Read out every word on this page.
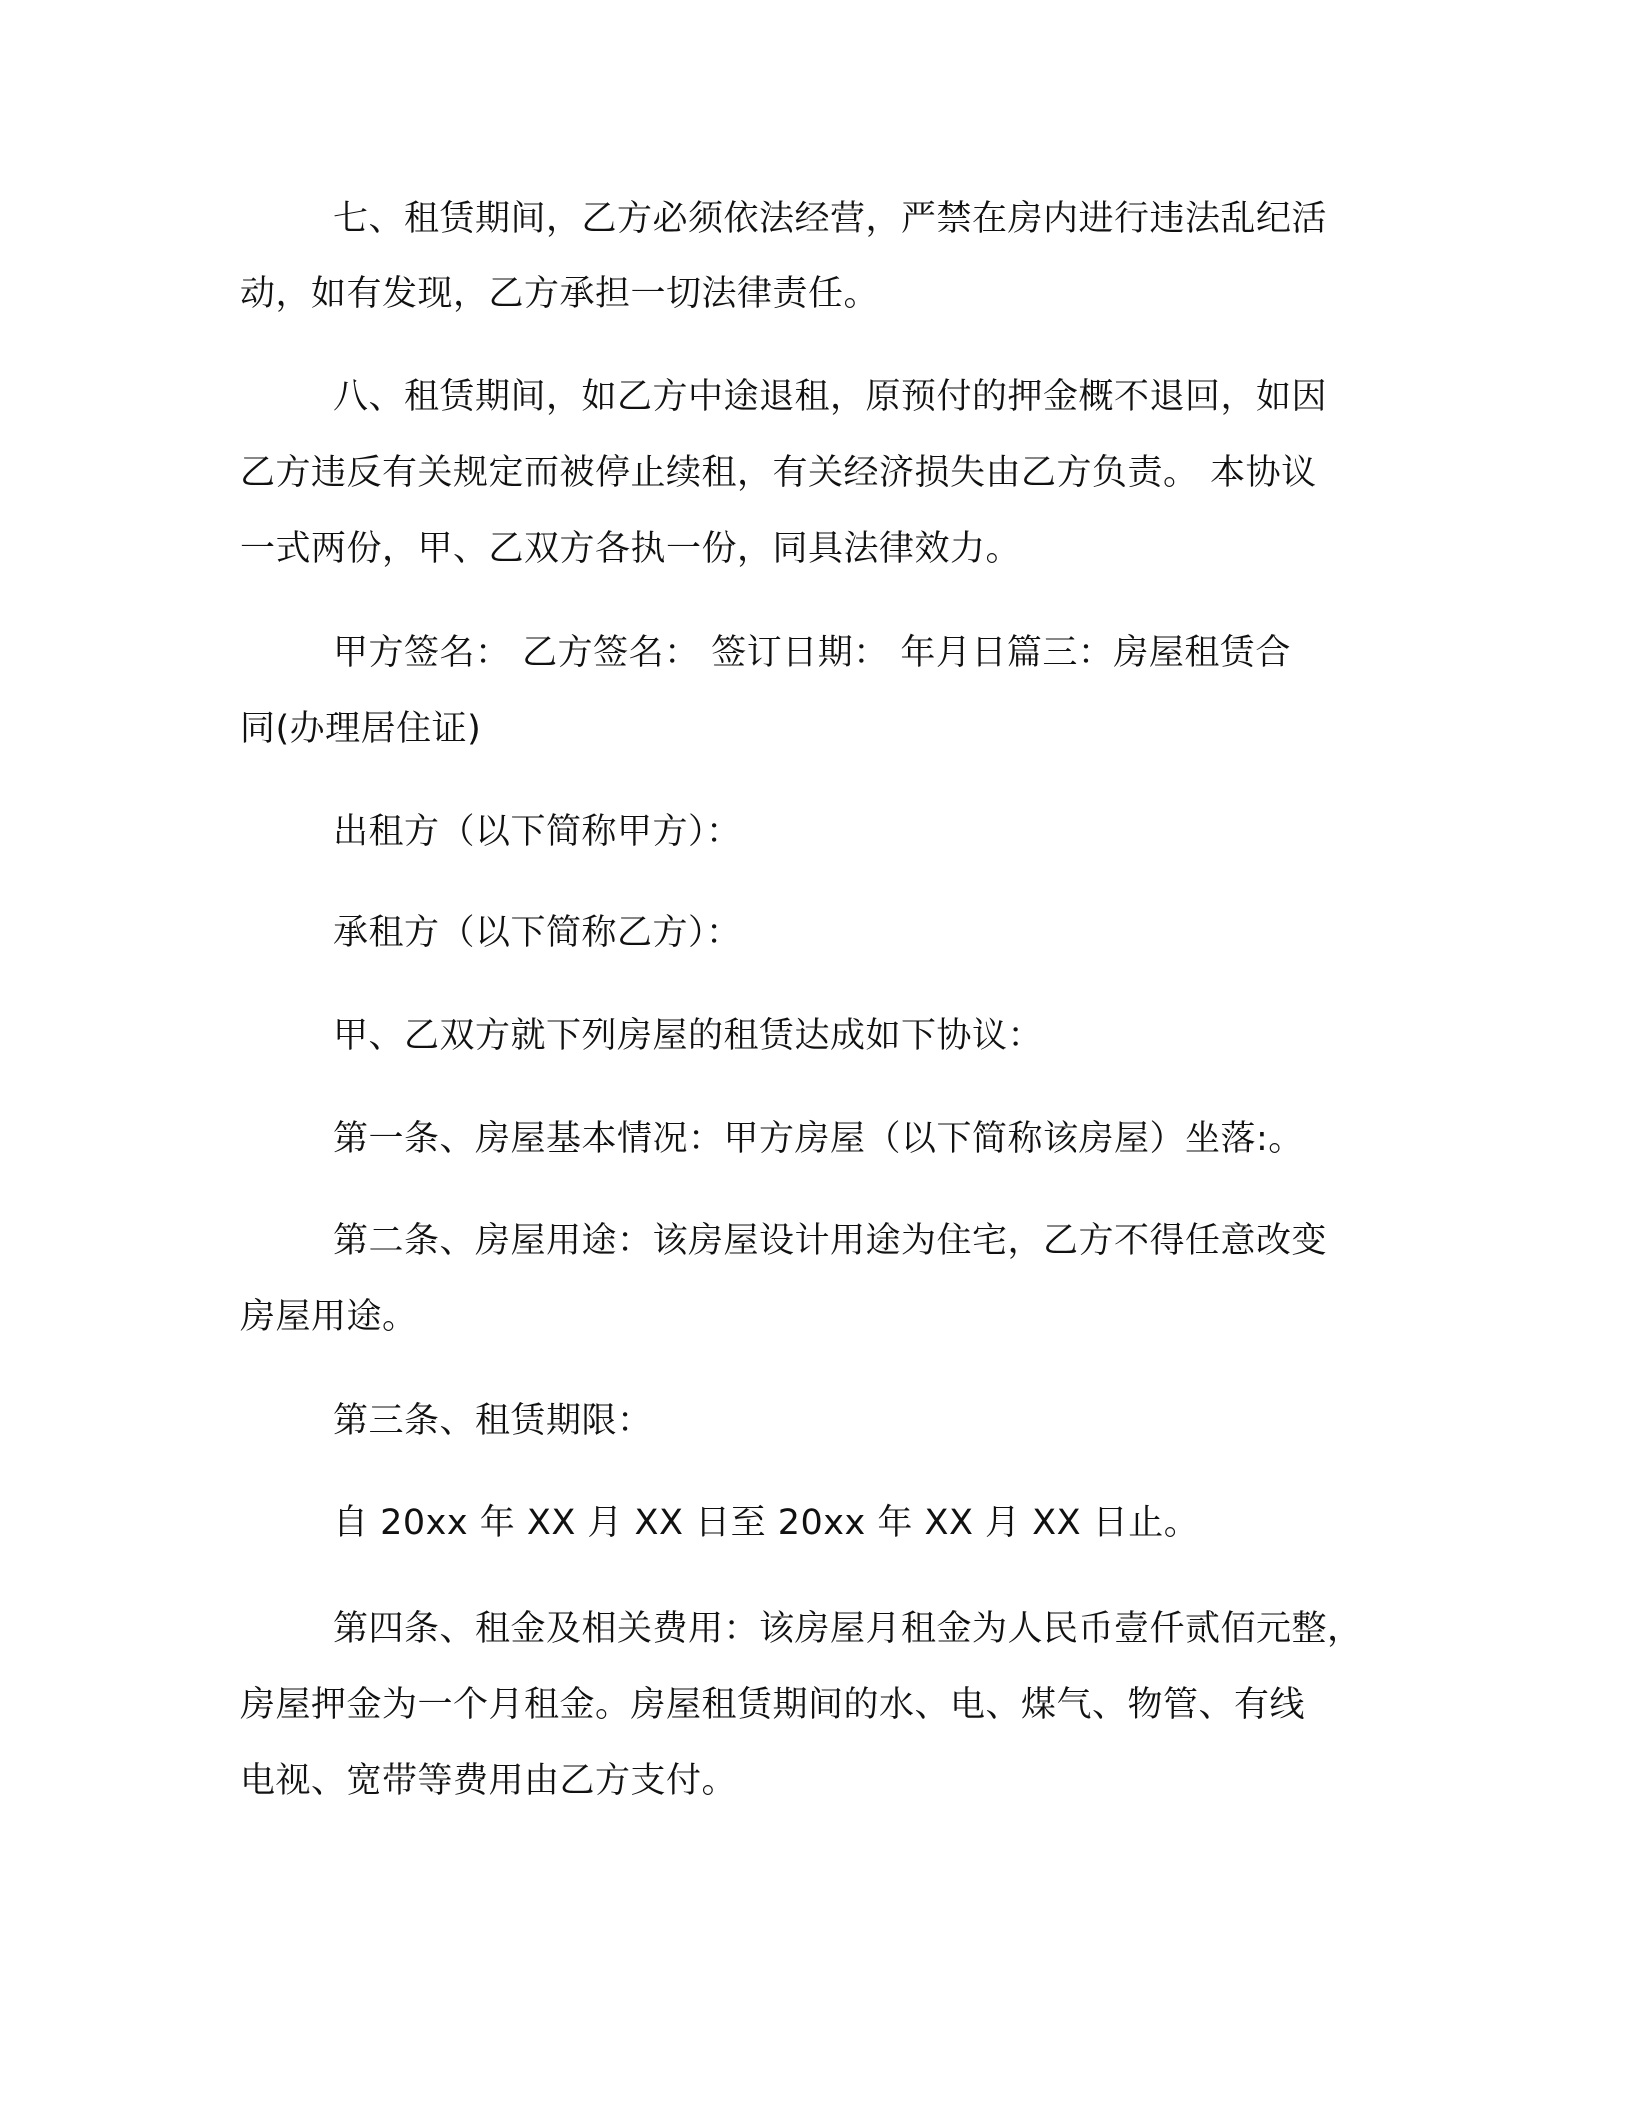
七、租赁期间，乙方必须依法经营，严禁在房内进行违法乱纪活
动，如有发现，乙方承担一切法律责任。
八、租赁期间，如乙方中途退租，原预付的押金概不退回，如因
乙方违反有关规定而被停止续租，有关经济损失由乙方负责。 本协议
一式两份，甲、乙双方各执一份，同具法律效力。
甲方签名： 乙方签名： 签订日期： 年月日篇三：房屋租赁合
同(办理居住证)
出租方（以下简称甲方）：
承租方（以下简称乙方）：
甲、乙双方就下列房屋的租赁达成如下协议：
第一条、房屋基本情况：甲方房屋（以下简称该房屋）坐落:。
第二条、房屋用途：该房屋设计用途为住宅，乙方不得任意改变
房屋用途。
第三条、租赁期限：
自 20xx 年 XX 月 XX 日至 20xx 年 XX 月 XX 日止。
第四条、租金及相关费用：该房屋月租金为人民币壹仟贰佰元整，
房屋押金为一个月租金。房屋租赁期间的水、电、煤气、物管、有线
电视、宽带等费用由乙方支付。
